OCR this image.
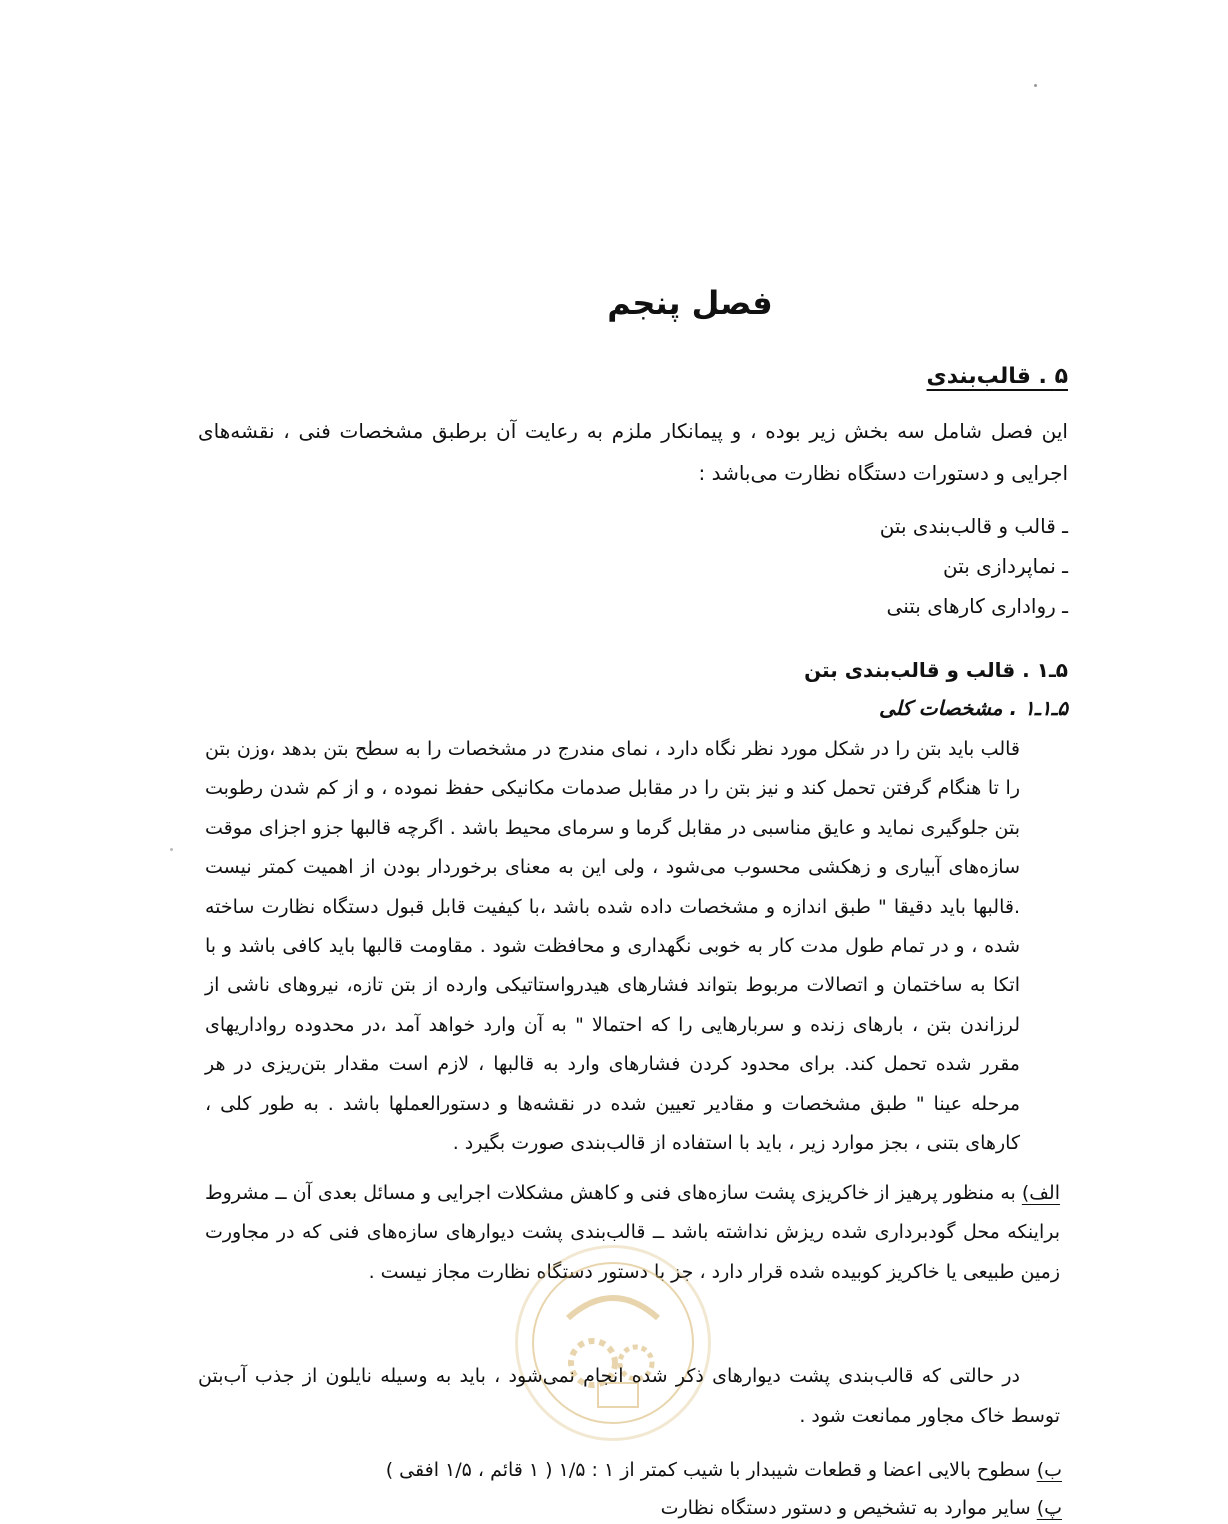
فصل پنجم
۵ . قالب‌بندی
این فصل شامل سه بخش زیر بوده ، و پیمانکار ملزم به رعایت آن برطبق مشخصات فنی ، نقشه‌های اجرایی و دستورات دستگاه نظارت می‌باشد :
ـ قالب و قالب‌بندی بتن
ـ نماپردازی بتن
ـ رواداری کارهای بتنی
۵ـ۱ . قالب و قالب‌بندی بتن
۵ـ۱ـ۱ . مشخصات کلی
قالب باید بتن را در شکل مورد نظر نگاه دارد ، نمای مندرج در مشخصات را به سطح بتن بدهد ،وزن بتن را تا هنگام گرفتن تحمل کند و نیز بتن را در مقابل صدمات مکانیکی حفظ نموده ، و از کم شدن رطوبت بتن جلوگیری نماید و عایق مناسبی در مقابل گرما و سرمای محیط باشد . اگرچه قالبها جزو اجزای موقت سازه‌های آبیاری و زهکشی محسوب می‌شود ، ولی این به معنای برخوردار بودن از اهمیت کمتر نیست .قالبها باید دقیقا " طبق اندازه و مشخصات داده شده باشد ،با کیفیت قابل قبول دستگاه نظارت ساخته شده ، و در تمام طول مدت کار به خوبی نگهداری و محافظت شود . مقاومت قالبها باید کافی باشد و با اتکا به ساختمان و اتصالات مربوط بتواند فشارهای هیدرواستاتیکی وارده از بتن تازه، نیروهای ناشی از لرزاندن بتن ، بارهای زنده و سربارهایی را که احتمالا " به آن وارد خواهد آمد ،در محدوده رواداریهای مقرر شده تحمل کند. برای محدود کردن فشارهای وارد به قالبها ، لازم است مقدار بتن‌ریزی در هر مرحله عینا " طبق مشخصات و مقادیر تعیین شده در نقشه‌ها و دستورالعملها باشد . به طور کلی ، کارهای بتنی ، بجز موارد زیر ، باید با استفاده از قالب‌بندی صورت بگیرد .
الف) به منظور پرهیز از خاکریزی پشت سازه‌های فنی و کاهش مشکلات اجرایی و مسائل بعدی آن ــ مشروط براینکه محل گودبرداری شده ریزش نداشته باشد ــ قالب‌بندی پشت دیوارهای سازه‌های فنی که در مجاورت زمین طبیعی یا خاکریز کوبیده شده قرار دارد ، جز با دستور دستگاه نظارت مجاز نیست .
در حالتی که قالب‌بندی پشت دیوارهای ذکر شده انجام نمی‌شود ، باید به وسیله نایلون از جذب آب‌بتن توسط خاک مجاور ممانعت شود .
ب) سطوح بالایی اعضا و قطعات شیبدار با شیب کمتر از ۱ : ۱/۵ ( ۱ قائم ، ۱/۵ افقی )
پ) سایر موارد به تشخیص و دستور دستگاه نظارت
